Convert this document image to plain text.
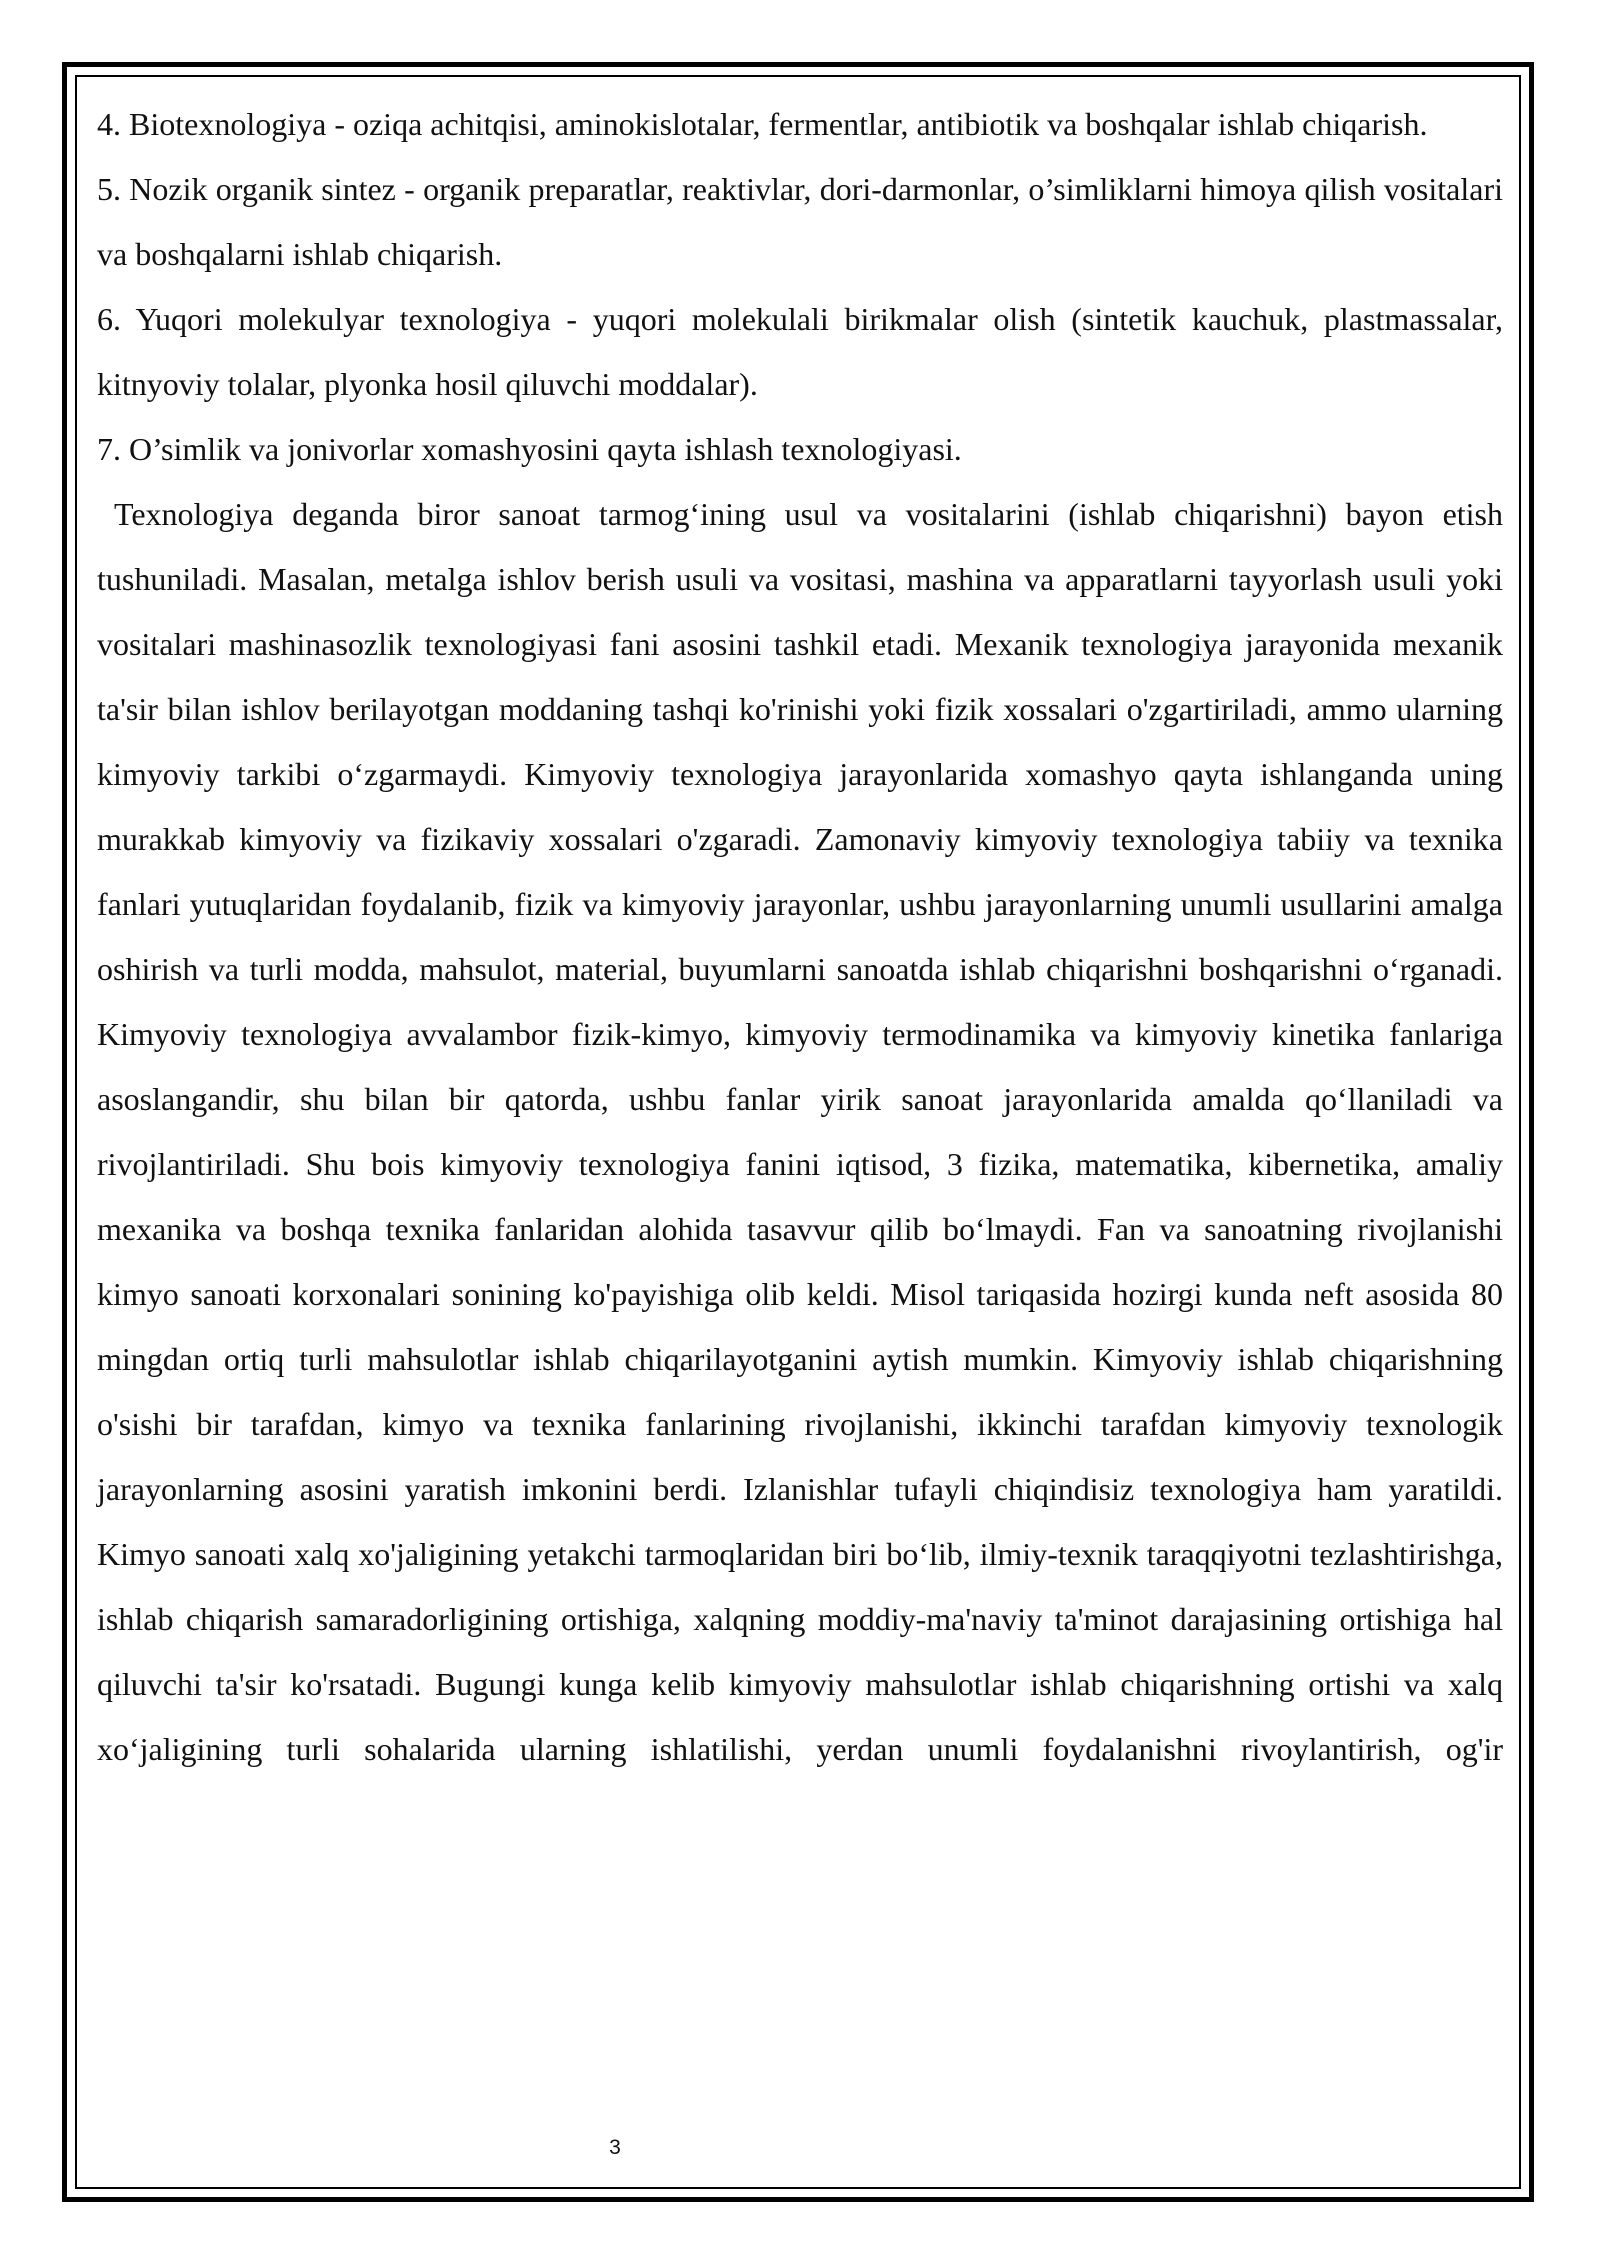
4. Biotexnologiya - oziqa achitqisi, aminokislotalar, fermentlar, antibiotik va boshqalar ishlab chiqarish.

5. Nozik organik sintez - organik preparatlar, reaktivlar, dori-darmonlar, o’simliklarni himoya qilish vositalari va boshqalarni ishlab chiqarish.

6. Yuqori molekulyar texnologiya - yuqori molekulali birikmalar olish (sintetik kauchuk, plastmassalar, kitnyoviy tolalar, plyonka hosil qiluvchi moddalar).

7. O’simlik va jonivorlar xomashyosini qayta ishlash texnologiyasi.

Texnologiya deganda biror sanoat tarmog‘ining usul va vositalarini (ishlab chiqarishni) bayon etish tushuniladi. Masalan, metalga ishlov berish usuli va vositasi, mashina va apparatlarni tayyorlash usuli yoki vositalari mashinasozlik texnologiyasi fani asosini tashkil etadi. Mexanik texnologiya jarayonida mexanik ta'sir bilan ishlov berilayotgan moddaning tashqi ko'rinishi yoki fizik xossalari o'zgartiriladi, ammo ularning kimyoviy tarkibi o‘zgarmaydi. Kimyoviy texnologiya jarayonlarida xomashyo qayta ishlanganda uning murakkab kimyoviy va fizikaviy xossalari o'zgaradi. Zamonaviy kimyoviy texnologiya tabiiy va texnika fanlari yutuqlaridan foydalanib, fizik va kimyoviy jarayonlar, ushbu jarayonlarning unumli usullarini amalga oshirish va turli modda, mahsulot, material, buyumlarni sanoatda ishlab chiqarishni boshqarishni o‘rganadi. Kimyoviy texnologiya avvalambor fizik-kimyo, kimyoviy termodinamika va kimyoviy kinetika fanlariga asoslangandir, shu bilan bir qatorda, ushbu fanlar yirik sanoat jarayonlarida amalda qo‘llaniladi va rivojlantiriladi. Shu bois kimyoviy texnologiya fanini iqtisod, 3 fizika, matematika, kibernetika, amaliy mexanika va boshqa texnika fanlaridan alohida tasavvur qilib bo‘lmaydi. Fan va sanoatning rivojlanishi kimyo sanoati korxonalari sonining ko'payishiga olib keldi. Misol tariqasida hozirgi kunda neft asosida 80 mingdan ortiq turli mahsulotlar ishlab chiqarilayotganini aytish mumkin. Kimyoviy ishlab chiqarishning o'sishi bir tarafdan, kimyo va texnika fanlarining rivojlanishi, ikkinchi tarafdan kimyoviy texnologik jarayonlarning asosini yaratish imkonini berdi. Izlanishlar tufayli chiqindisiz texnologiya ham yaratildi. Kimyo sanoati xalq xo'jaligining yetakchi tarmoqlaridan biri bo‘lib, ilmiy-texnik taraqqiyotni tezlashtirishga, ishlab chiqarish samaradorligining ortishiga, xalqning moddiy-ma'naviy ta'minot darajasining ortishiga hal qiluvchi ta'sir ko'rsatadi. Bugungi kunga kelib kimyoviy mahsulotlar ishlab chiqarishning ortishi va xalq xo‘jaligining turli sohalarida ularning ishlatilishi, yerdan unumli foydalanishni rivoylantirish, og'ir

3
